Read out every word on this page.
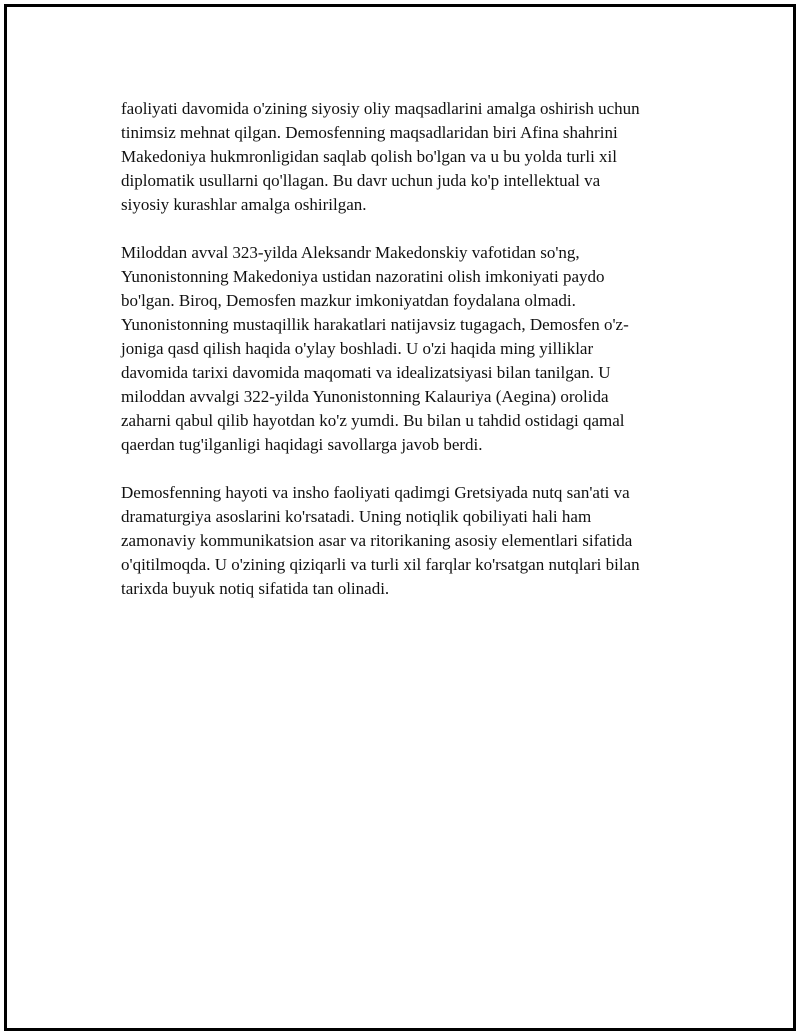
faoliyati davomida o'zining siyosiy oliy maqsadlarini amalga oshirish uchun
tinimsiz mehnat qilgan. Demosfenning maqsadlaridan biri Afina shahrini
Makedoniya hukmronligidan saqlab qolish bo'lgan va u bu yolda turli xil
diplomatik usullarni qo'llagan. Bu davr uchun juda ko'p intellektual va
siyosiy kurashlar amalga oshirilgan.

Miloddan avval 323-yilda Aleksandr Makedonskiy vafotidan so'ng,
Yunonistonning Makedoniya ustidan nazoratini olish imkoniyati paydo
bo'lgan. Biroq, Demosfen mazkur imkoniyatdan foydalana olmadi.
Yunonistonning mustaqillik harakatlari natijavsiz tugagach, Demosfen o'z-
joniga qasd qilish haqida o'ylay boshladi. U o'zi haqida ming yilliklar
davomida tarixi davomida maqomati va idealizatsiyasi bilan tanilgan. U
miloddan avvalgi 322-yilda Yunonistonning Kalauriya (Aegina) orolida
zaharni qabul qilib hayotdan ko'z yumdi. Bu bilan u tahdid ostidagi qamal
qaerdan tug'ilganligi haqidagi savollarga javob berdi.

Demosfenning hayoti va insho faoliyati qadimgi Gretsiyada nutq san'ati va
dramaturgiya asoslarini ko'rsatadi. Uning notiqlik qobiliyati hali ham
zamonaviy kommunikatsion asar va ritorikaning asosiy elementlari sifatida
o'qitilmoqda. U o'zining qiziqarli va turli xil farqlar ko'rsatgan nutqlari bilan
tarixda buyuk notiq sifatida tan olinadi.
